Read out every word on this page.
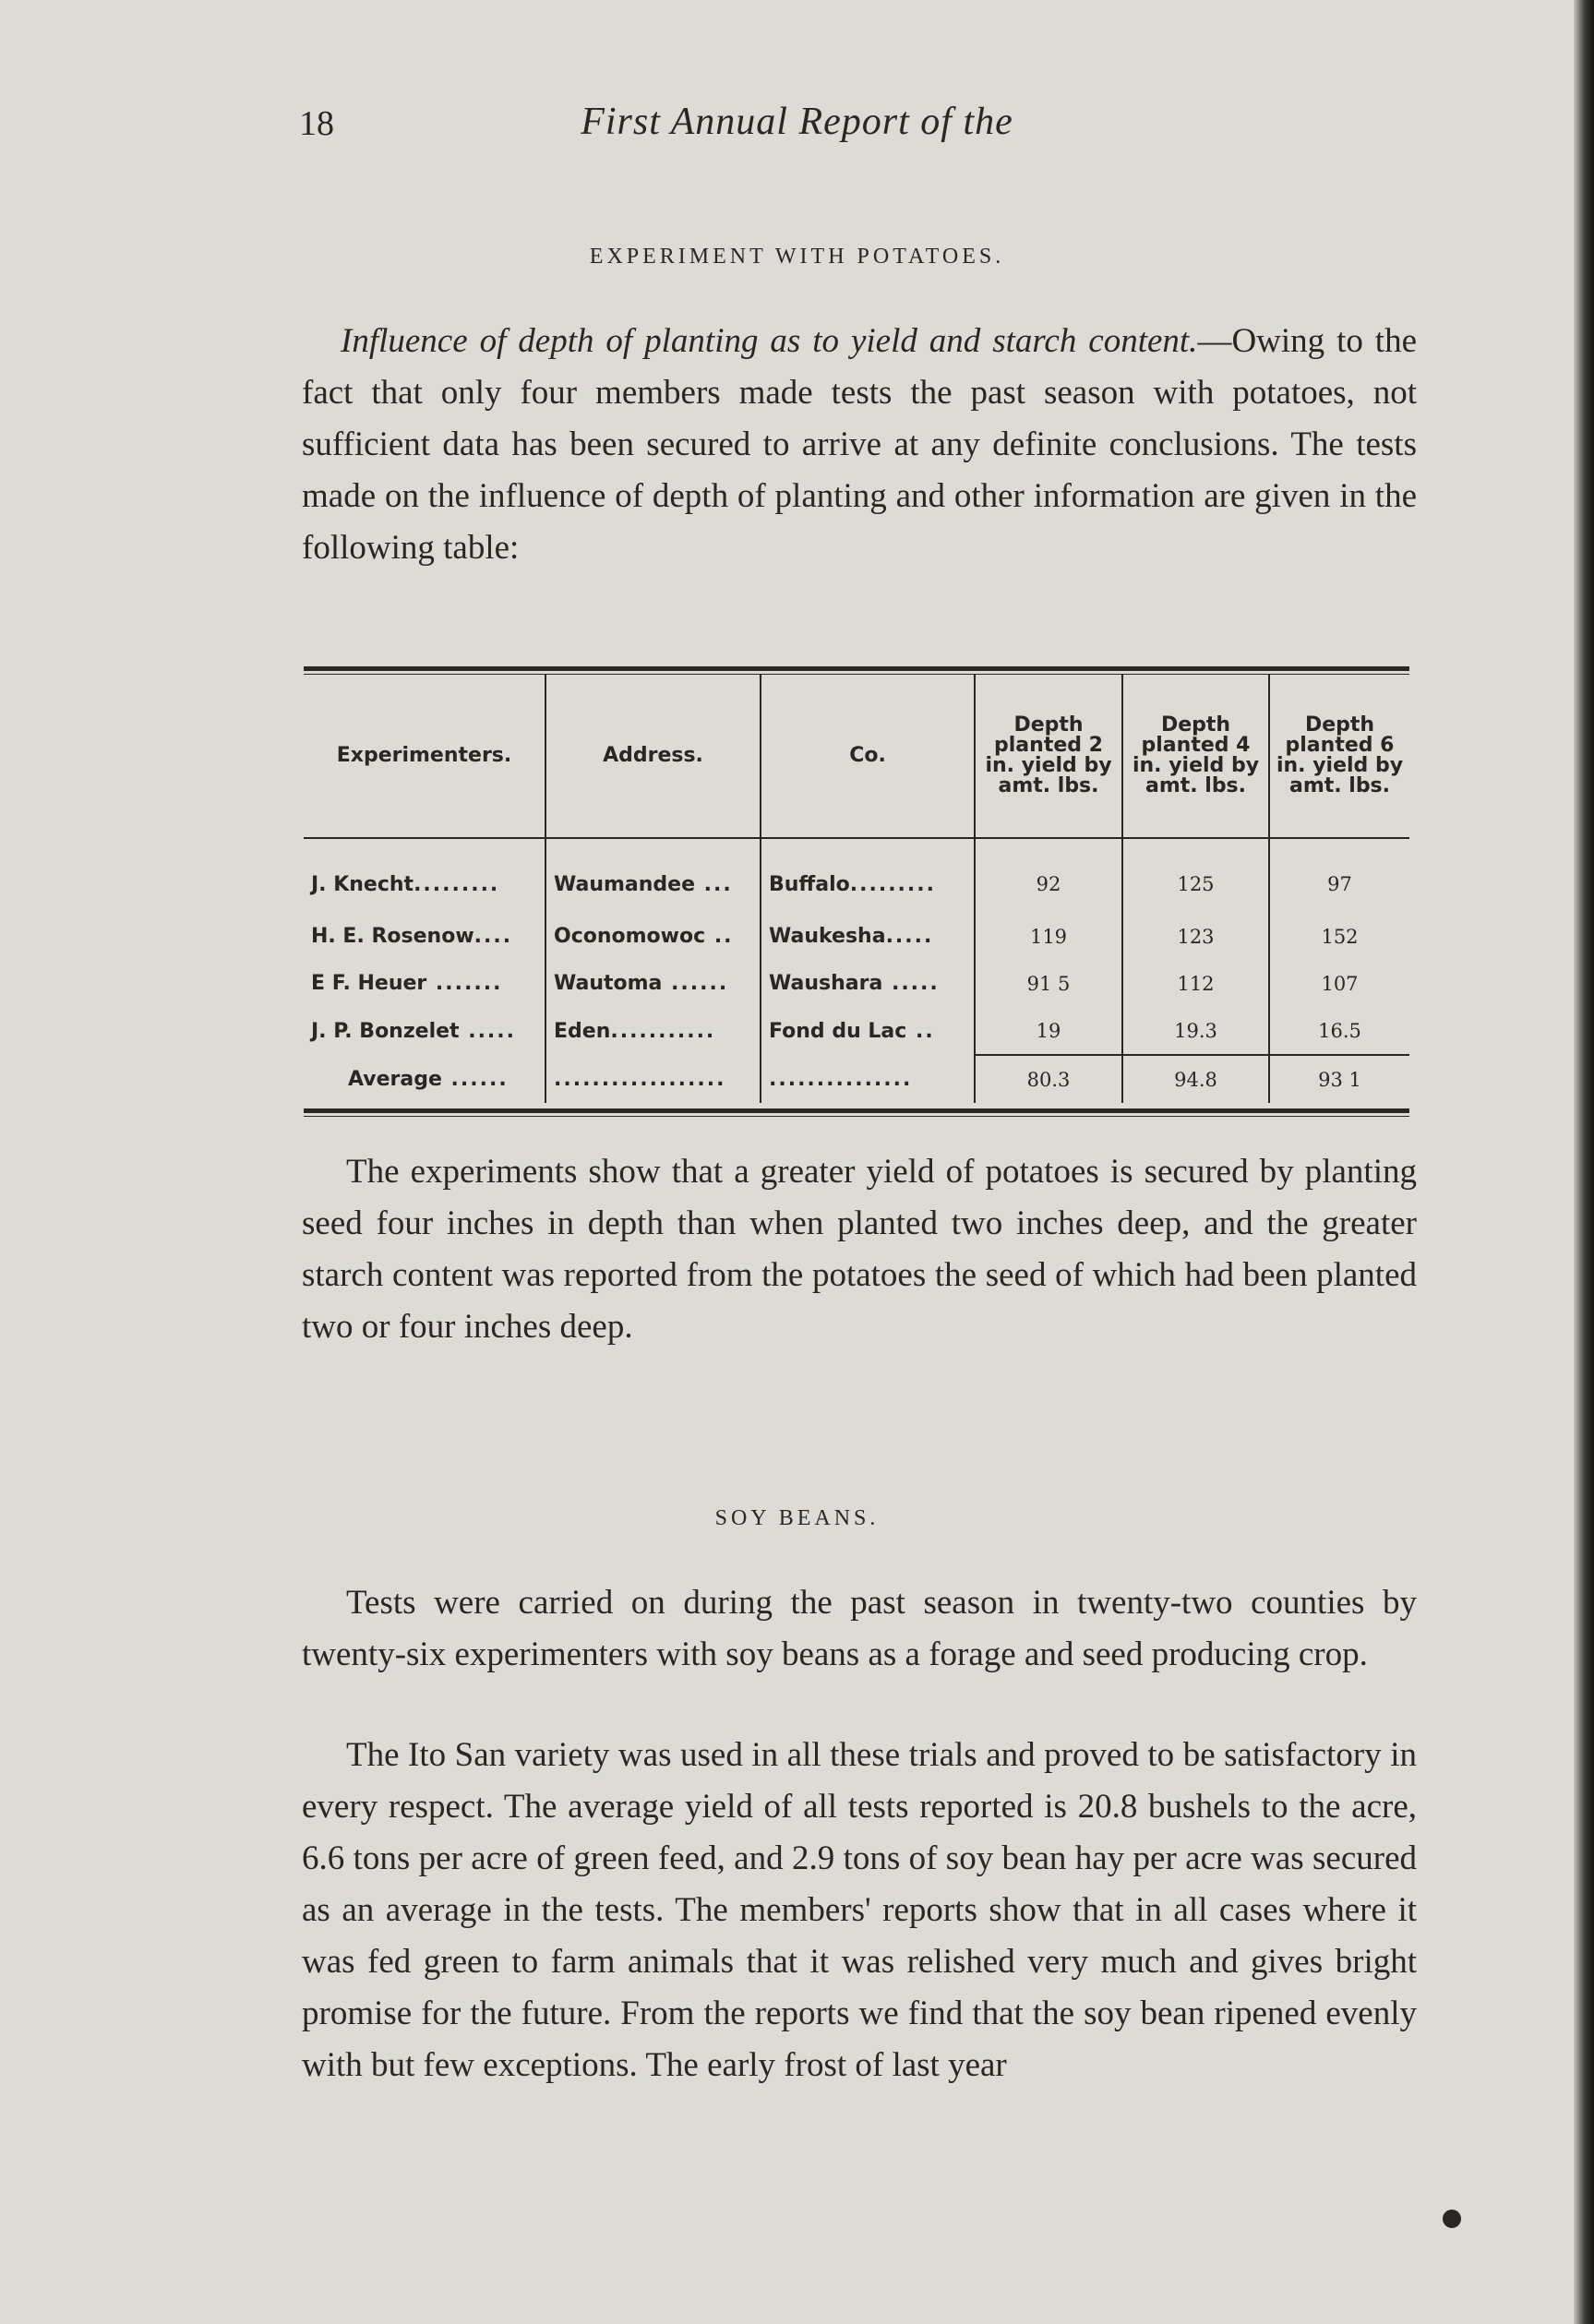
18	First Annual Report of the
EXPERIMENT WITH POTATOES.

Influence of depth of planting as to yield and starch content.—Owing to the fact that only four members made tests the past season with potatoes, not sufficient data has been secured to arrive at any definite conclusions. The tests made on the influence of depth of planting and other information are given in the following table:

Experimenters.	Address.	Co.	Depth planted 2 in. yield by amt. lbs.	Depth planted 4 in. yield by amt. lbs.	Depth planted 6 in. yield by amt. lbs.
J. Knecht.........	Waumandee ...	Buffalo.........	92	125	97
H. E. Rosenow....	Oconomowoc ..	Waukesha.....	119	123	152
E F. Heuer .......	Wautoma ......	Waushara .....	91 5	112	107
J. P. Bonzelet .....	Eden...........	Fond du Lac ..	19	19.3	16.5
Average ......	..................	...............	80.3	94.8	93 1

The experiments show that a greater yield of potatoes is secured by planting seed four inches in depth than when planted two inches deep, and the greater starch content was reported from the potatoes the seed of which had been planted two or four inches deep.

SOY BEANS.

Tests were carried on during the past season in twenty-two counties by twenty-six experimenters with soy beans as a forage and seed producing crop.

The Ito San variety was used in all these trials and proved to be satisfactory in every respect. The average yield of all tests reported is 20.8 bushels to the acre, 6.6 tons per acre of green feed, and 2.9 tons of soy bean hay per acre was secured as an average in the tests. The members' reports show that in all cases where it was fed green to farm animals that it was relished very much and gives bright promise for the future. From the reports we find that the soy bean ripened evenly with but few exceptions. The early frost of last year
